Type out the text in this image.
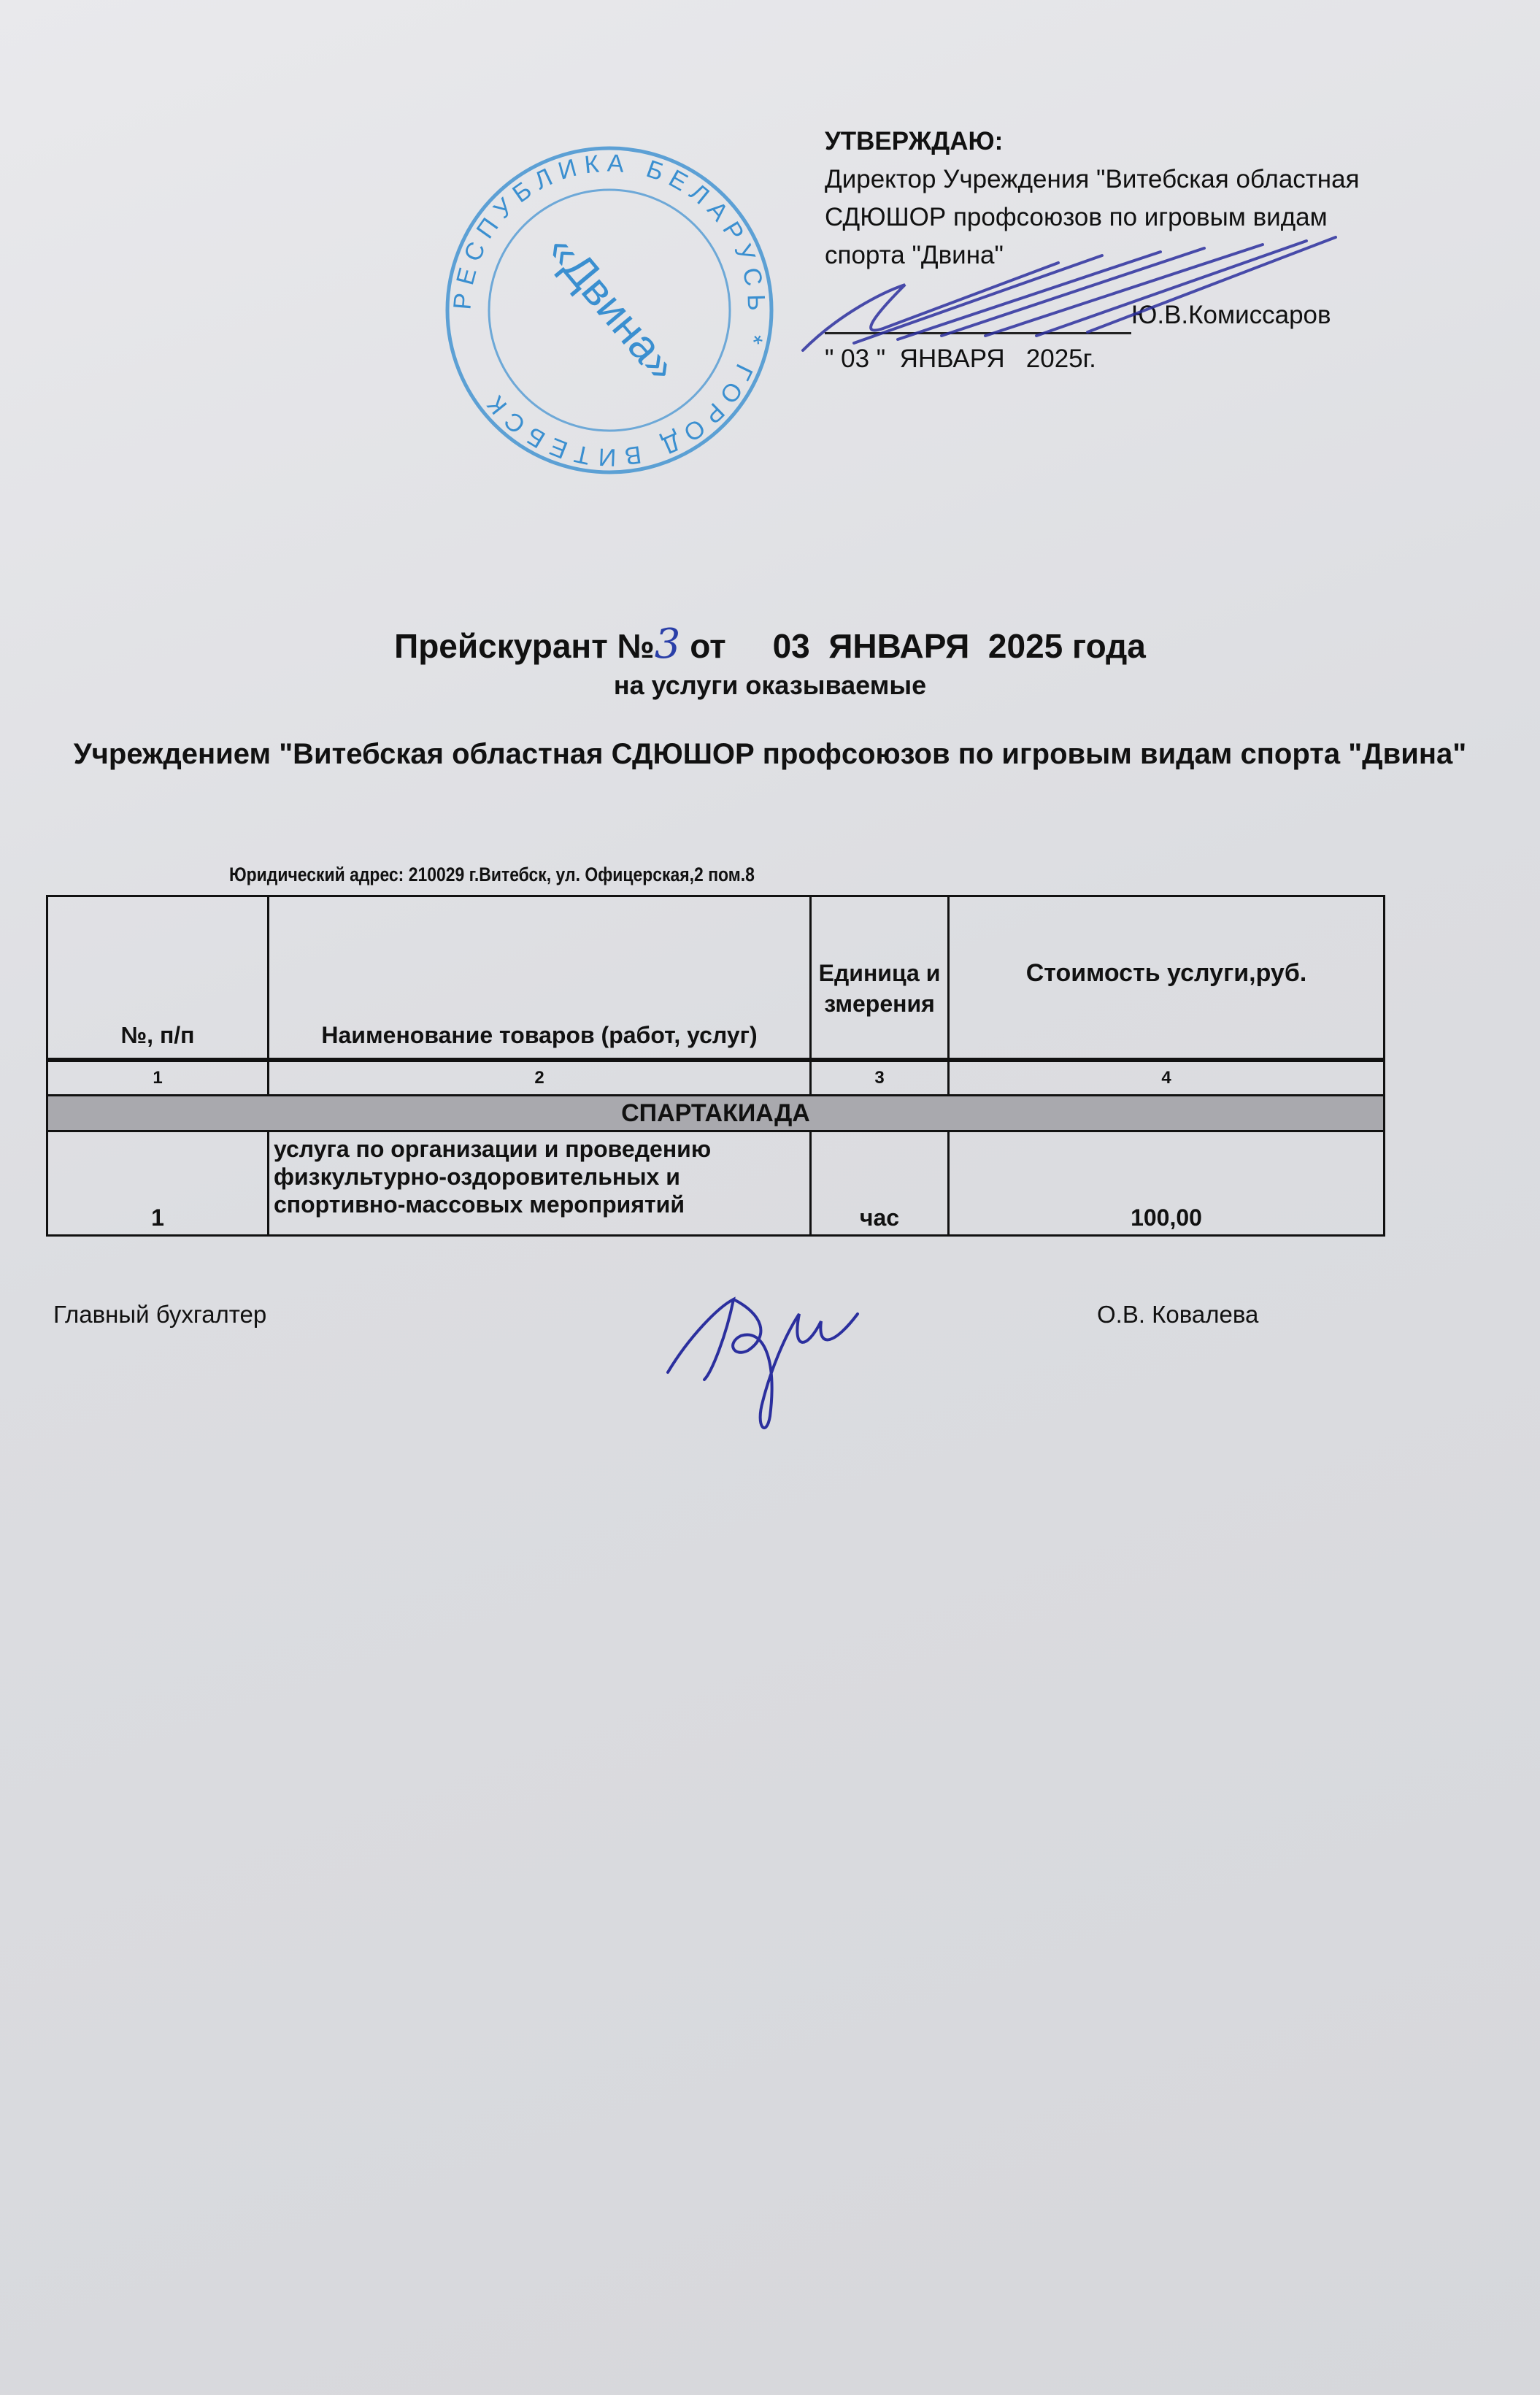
РЕСПУБЛИКА БЕЛАРУСЬ * ГОРОД ВИТЕБСК
«Двина»
УТВЕРЖДАЮ:
Директор Учреждения "Витебская областная
СДЮШОР профсоюзов по игровым видам
спорта "Двина"
Ю.В.Комиссаров
" 03 "  ЯНВАРЯ   2025г.
Прейскурант №3 от     03  ЯНВАРЯ  2025 года
на услуги оказываемые
Учреждением "Витебская областная СДЮШОР профсоюзов по игровым видам спорта "Двина"
Юридический адрес: 210029 г.Витебск, ул. Офицерская,2 пом.8
№, п/п	Наименование товаров (работ, услуг)	Единица измерения	Стоимость услуги,руб.
1	2	3	4
СПАРТАКИАДА			
1	услуга по организации и проведению физкультурно-оздоровительных и спортивно-массовых мероприятий	час	100,00
Главный бухгалтер	О.В. Ковалева
